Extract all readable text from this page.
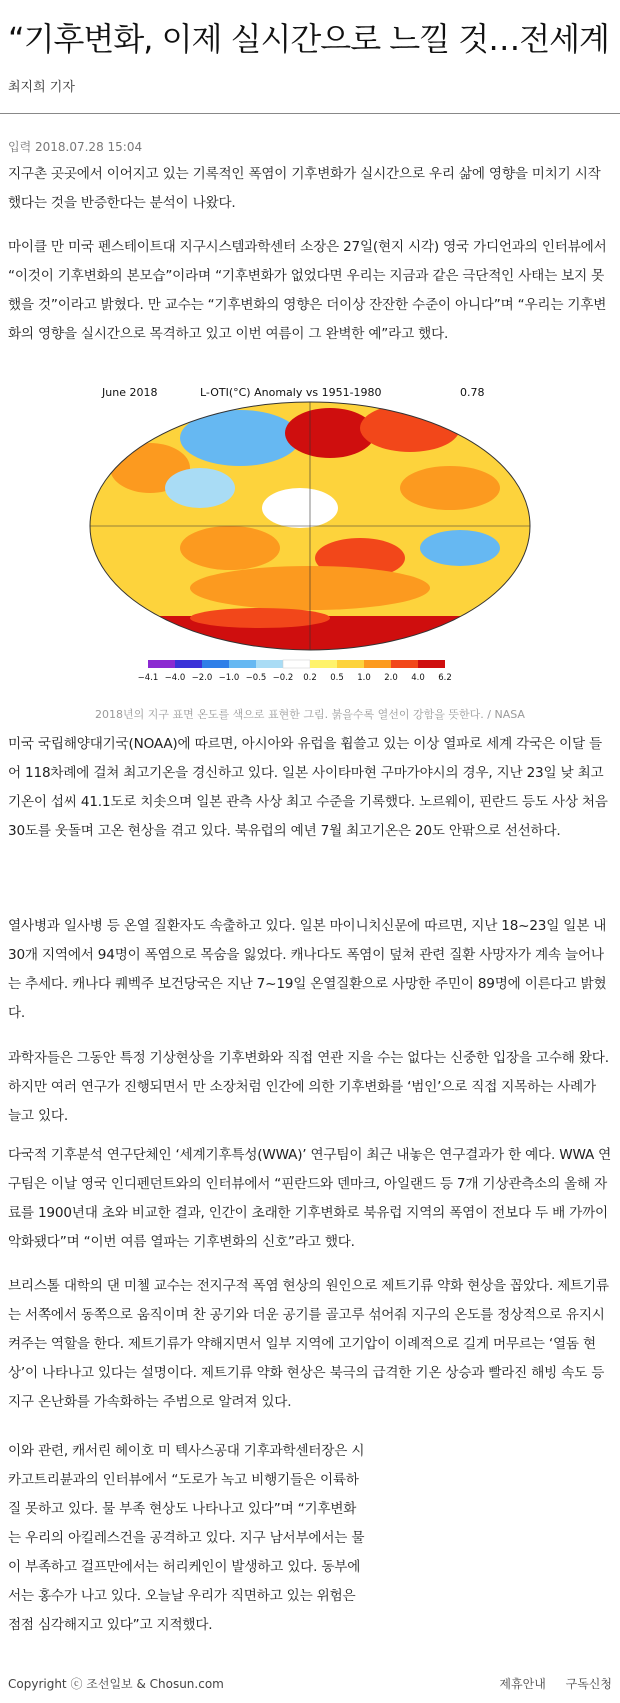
“기후변화, 이제 실시간으로 느낄 것…전세계
최지희 기자
입력 2018.07.28 15:04
지구촌 곳곳에서 이어지고 있는 기록적인 폭염이 기후변화가 실시간으로 우리 삶에 영향을 미치기 시작했다는 것을 반증한다는 분석이 나왔다.
마이클 만 미국 펜스테이트대 지구시스템과학센터 소장은 27일(현지 시각) 영국 가디언과의 인터뷰에서 “이것이 기후변화의 본모습”이라며 “기후변화가 없었다면 우리는 지금과 같은 극단적인 사태는 보지 못했을 것”이라고 밝혔다. 만 교수는 “기후변화의 영향은 더이상 잔잔한 수준이 아니다”며 “우리는 기후변화의 영향을 실시간으로 목격하고 있고 이번 여름이 그 완벽한 예”라고 했다.
June 2018	L-OTI(°C) Anomaly vs 1951-1980	0.78
−4.1 −4.0 −2.0 −1.0 −0.5 −0.2 0.2 0.5 1.0 2.0 4.0 6.2
2018년의 지구 표면 온도를 색으로 표현한 그림. 붉을수록 열선이 강함을 뜻한다. / NASA
미국 국립해양대기국(NOAA)에 따르면, 아시아와 유럽을 휩쓸고 있는 이상 열파로 세계 각국은 이달 들어 118차례에 걸쳐 최고기온을 경신하고 있다. 일본 사이타마현 구마가야시의 경우, 지난 23일 낮 최고 기온이 섭씨 41.1도로 치솟으며 일본 관측 사상 최고 수준을 기록했다. 노르웨이, 핀란드 등도 사상 처음 30도를 웃돌며 고온 현상을 겪고 있다. 북유럽의 예년 7월 최고기온은 20도 안팎으로 선선하다.
열사병과 일사병 등 온열 질환자도 속출하고 있다. 일본 마이니치신문에 따르면, 지난 18~23일 일본 내 30개 지역에서 94명이 폭염으로 목숨을 잃었다. 캐나다도 폭염이 덮쳐 관련 질환 사망자가 계속 늘어나는 추세다. 캐나다 퀘벡주 보건당국은 지난 7~19일 온열질환으로 사망한 주민이 89명에 이른다고 밝혔다.
과학자들은 그동안 특정 기상현상을 기후변화와 직접 연관 지을 수는 없다는 신중한 입장을 고수해 왔다. 하지만 여러 연구가 진행되면서 만 소장처럼 인간에 의한 기후변화를 ‘범인’으로 직접 지목하는 사례가 늘고 있다.
다국적 기후분석 연구단체인 ‘세계기후특성(WWA)’ 연구팀이 최근 내놓은 연구결과가 한 예다. WWA 연구팀은 이날 영국 인디펜던트와의 인터뷰에서 “핀란드와 덴마크, 아일랜드 등 7개 기상관측소의 올해 자료를 1900년대 초와 비교한 결과, 인간이 초래한 기후변화로 북유럽 지역의 폭염이 전보다 두 배 가까이 악화됐다”며 “이번 여름 열파는 기후변화의 신호”라고 했다.
브리스톨 대학의 댄 미첼 교수는 전지구적 폭염 현상의 원인으로 제트기류 약화 현상을 꼽았다. 제트기류는 서쪽에서 동쪽으로 움직이며 찬 공기와 더운 공기를 골고루 섞어줘 지구의 온도를 정상적으로 유지시켜주는 역할을 한다. 제트기류가 약해지면서 일부 지역에 고기압이 이례적으로 길게 머무르는 ‘열돔 현상’이 나타나고 있다는 설명이다. 제트기류 약화 현상은 북극의 급격한 기온 상승과 빨라진 해빙 속도 등 지구 온난화를 가속화하는 주범으로 알려져 있다.
이와 관련, 캐서린 헤이호 미 텍사스공대 기후과학센터장은 시카고트리뷴과의 인터뷰에서 “도로가 녹고 비행기들은 이륙하질 못하고 있다. 물 부족 현상도 나타나고 있다”며 “기후변화는 우리의 아킬레스건을 공격하고 있다. 지구 남서부에서는 물이 부족하고 걸프만에서는 허리케인이 발생하고 있다. 동부에서는 홍수가 나고 있다. 오늘날 우리가 직면하고 있는 위험은 점점 심각해지고 있다”고 지적했다.
Copyright ⓒ 조선일보 & Chosun.com	제휴안내 구독신청
